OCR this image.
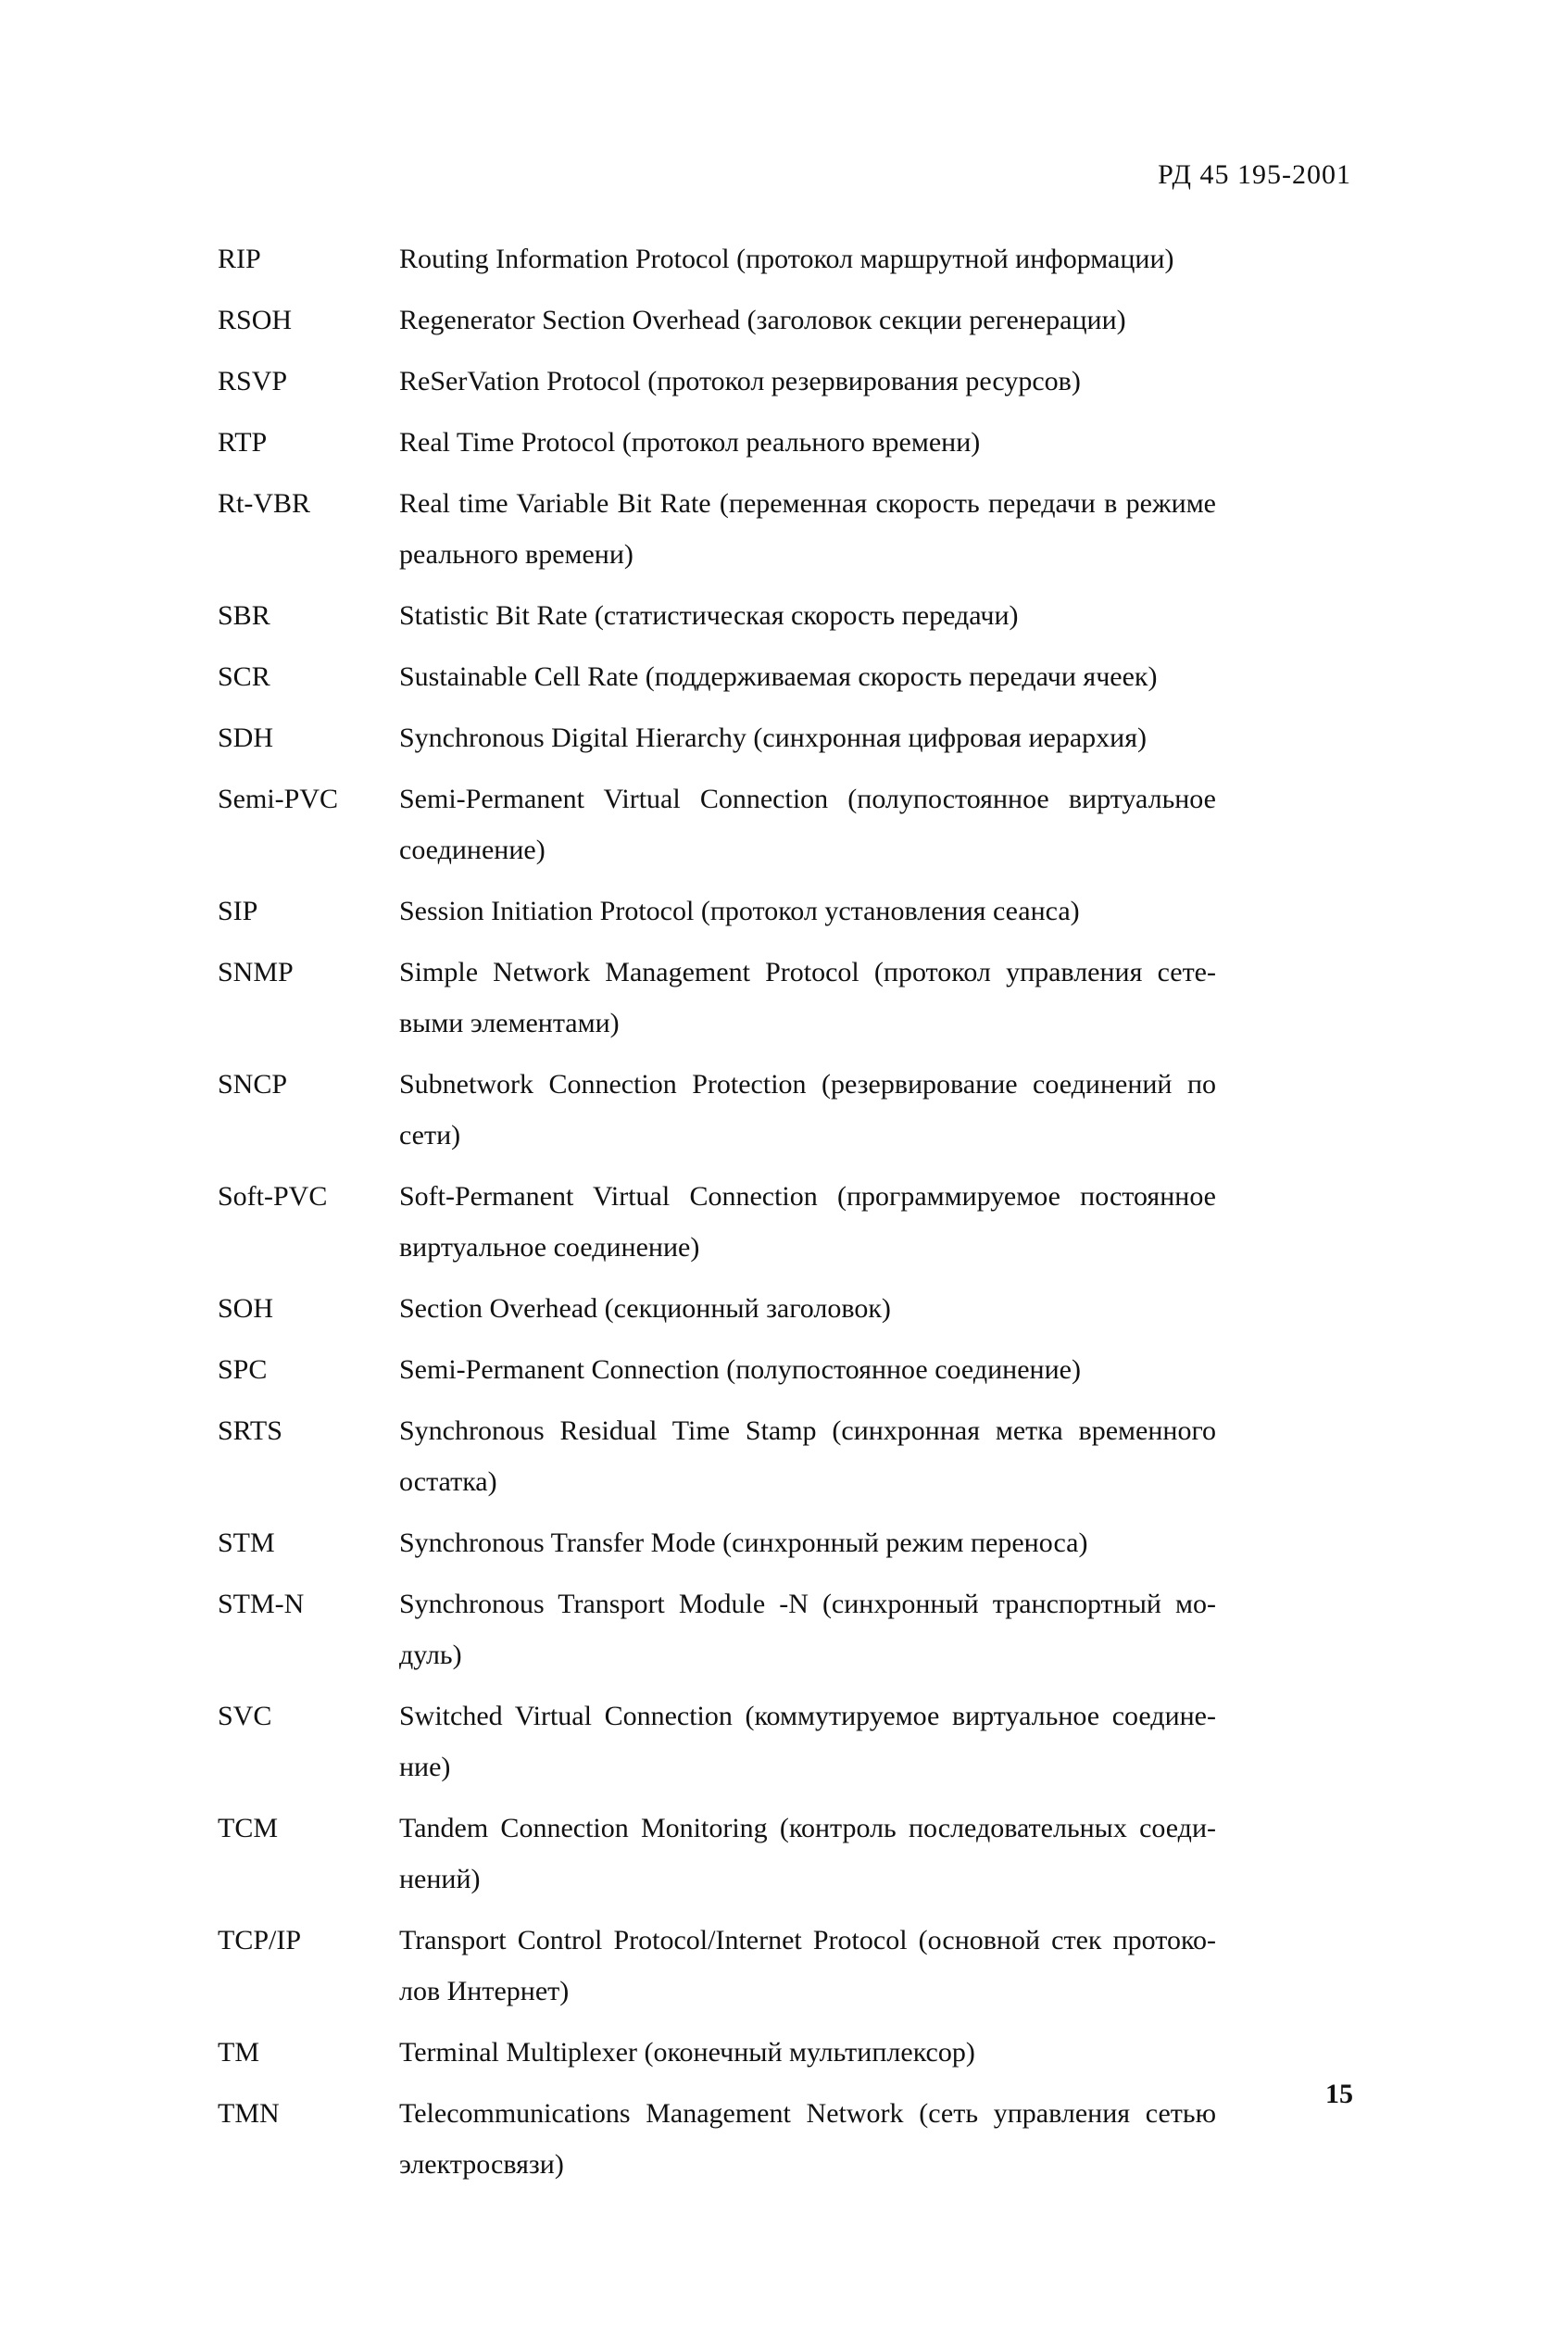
РД 45 195-2001
RIP	Routing Information Protocol (протокол маршрутной информации)
RSOH	Regenerator Section Overhead (заголовок секции регенерации)
RSVP	ReSerVation Protocol (протокол резервирования ресурсов)
RTP	Real Time Protocol (протокол реального времени)
Rt-VBR	Real time Variable Bit Rate (переменная скорость передачи в режиме реального времени)
SBR	Statistic Bit Rate (статистическая скорость передачи)
SCR	Sustainable Cell Rate (поддерживаемая скорость передачи ячеек)
SDH	Synchronous Digital Hierarchy (синхронная цифровая иерархия)
Semi-PVC	Semi-Permanent Virtual Connection (полупостоянное виртуальное соединение)
SIP	Session Initiation Protocol (протокол установления сеанса)
SNMP	Simple Network Management Protocol (протокол управления сетевыми элементами)
SNCP	Subnetwork Connection Protection (резервирование соединений по сети)
Soft-PVC	Soft-Permanent Virtual Connection (программируемое постоянное виртуальное соединение)
SOH	Section Overhead (секционный заголовок)
SPC	Semi-Permanent Connection (полупостоянное соединение)
SRTS	Synchronous Residual Time Stamp (синхронная метка временного остатка)
STM	Synchronous Transfer Mode (синхронный режим переноса)
STM-N	Synchronous Transport Module -N (синхронный транспортный модуль)
SVC	Switched Virtual Connection (коммутируемое виртуальное соединение)
TCM	Tandem Connection Monitoring (контроль последовательных соединений)
TCP/IP	Transport Control Protocol/Internet Protocol (основной стек протоколов Интернет)
TM	Terminal Multiplexer (оконечный мультиплексор)
TMN	Telecommunications Management Network (сеть управления сетью электросвязи)
15
